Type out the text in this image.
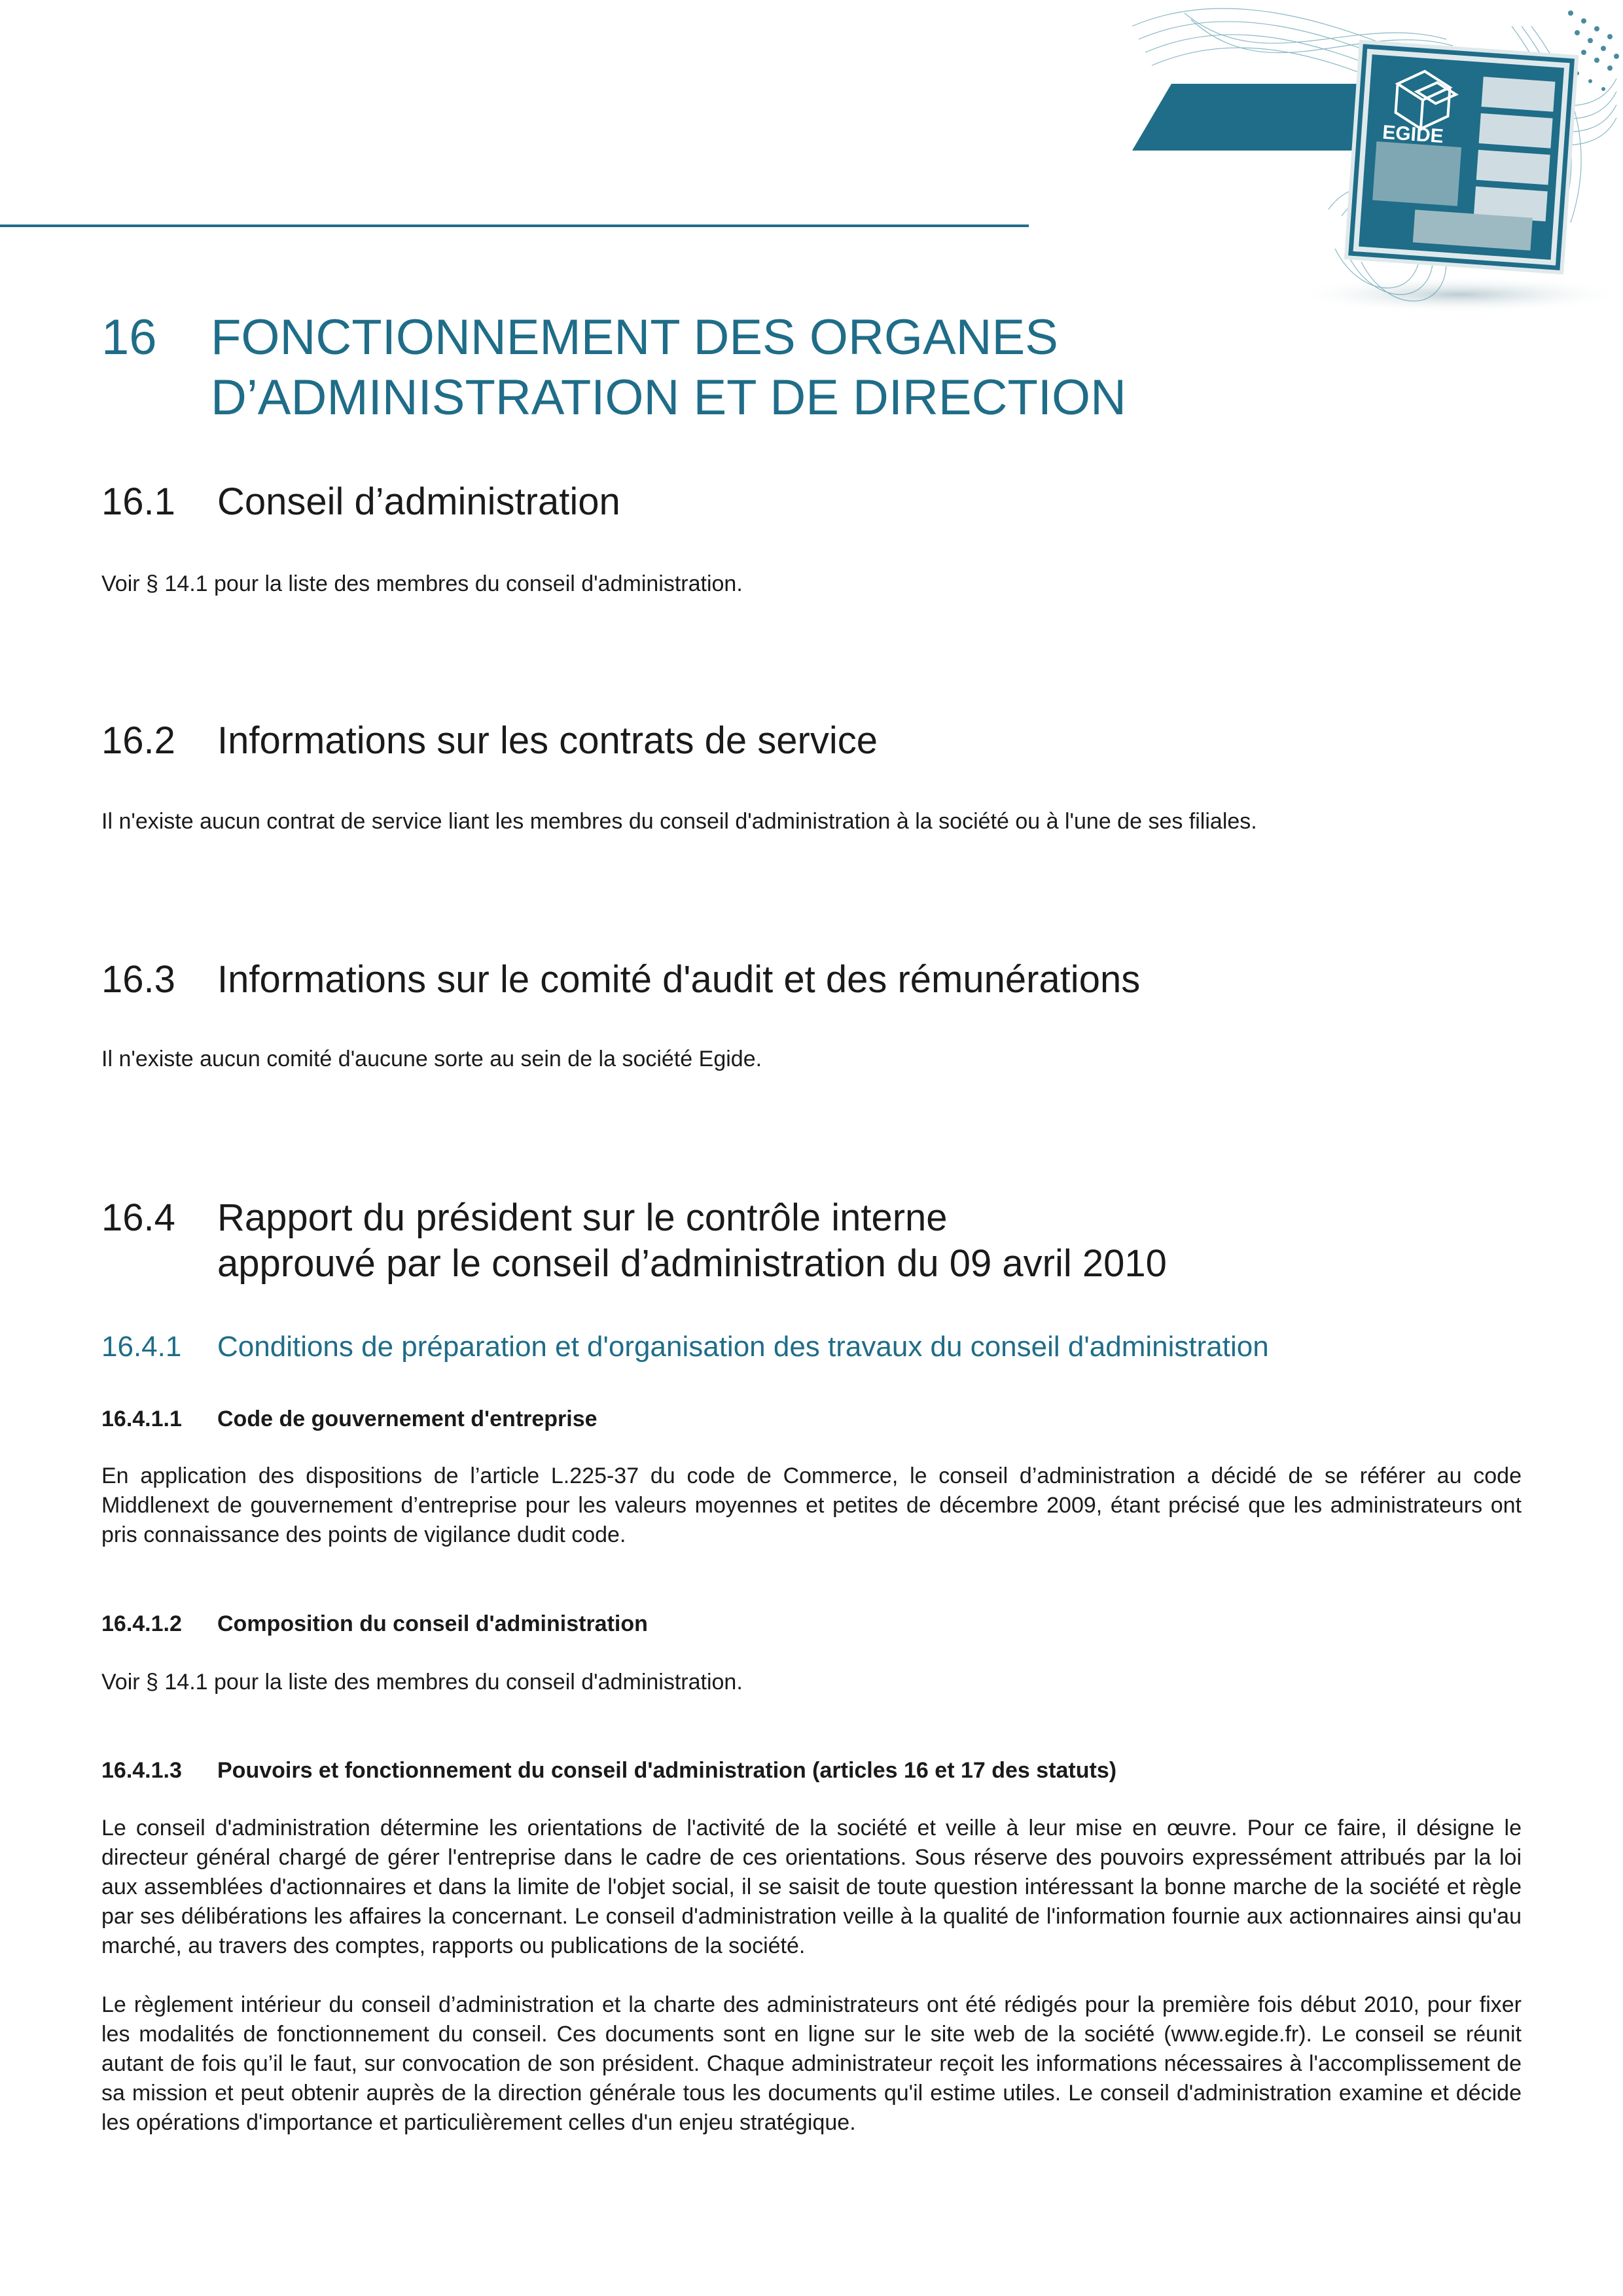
EGIDE
16 FONCTIONNEMENT DES ORGANES
D’ADMINISTRATION ET DE DIRECTION
16.1 Conseil d’administration
Voir § 14.1 pour la liste des membres du conseil d'administration.
16.2 Informations sur les contrats de service
Il n'existe aucun contrat de service liant les membres du conseil d'administration à la société ou à l'une de ses filiales.
16.3 Informations sur le comité d'audit et des rémunérations
Il n'existe aucun comité d'aucune sorte au sein de la société Egide.
16.4 Rapport du président sur le contrôle interne
approuvé par le conseil d’administration du 09 avril 2010
16.4.1 Conditions de préparation et d'organisation des travaux du conseil d'administration
16.4.1.1 Code de gouvernement d'entreprise
En application des dispositions de l’article L.225-37 du code de Commerce, le conseil d’administration a décidé de se référer au code Middlenext de gouvernement d’entreprise pour les valeurs moyennes et petites de décembre 2009, étant précisé que les administrateurs ont pris connaissance des points de vigilance dudit code.
16.4.1.2 Composition du conseil d'administration
Voir § 14.1 pour la liste des membres du conseil d'administration.
16.4.1.3 Pouvoirs et fonctionnement du conseil d'administration (articles 16 et 17 des statuts)
Le conseil d'administration détermine les orientations de l'activité de la société et veille à leur mise en œuvre. Pour ce faire, il désigne le directeur général chargé de gérer l'entreprise dans le cadre de ces orientations. Sous réserve des pouvoirs expressément attribués par la loi aux assemblées d'actionnaires et dans la limite de l'objet social, il se saisit de toute question intéressant la bonne marche de la société et règle par ses délibérations les affaires la concernant. Le conseil d'administration veille à la qualité de l'information fournie aux actionnaires ainsi qu'au marché, au travers des comptes, rapports ou publications de la société.
Le règlement intérieur du conseil d’administration et la charte des administrateurs ont été rédigés pour la première fois début 2010, pour fixer les modalités de fonctionnement du conseil. Ces documents sont en ligne sur le site web de la société (www.egide.fr). Le conseil se réunit autant de fois qu’il le faut, sur convocation de son président. Chaque administrateur reçoit les informations nécessaires à l'accomplissement de sa mission et peut obtenir auprès de la direction générale tous les documents qu'il estime utiles. Le conseil d'administration examine et décide les opérations d'importance et particulièrement celles d'un enjeu stratégique.
